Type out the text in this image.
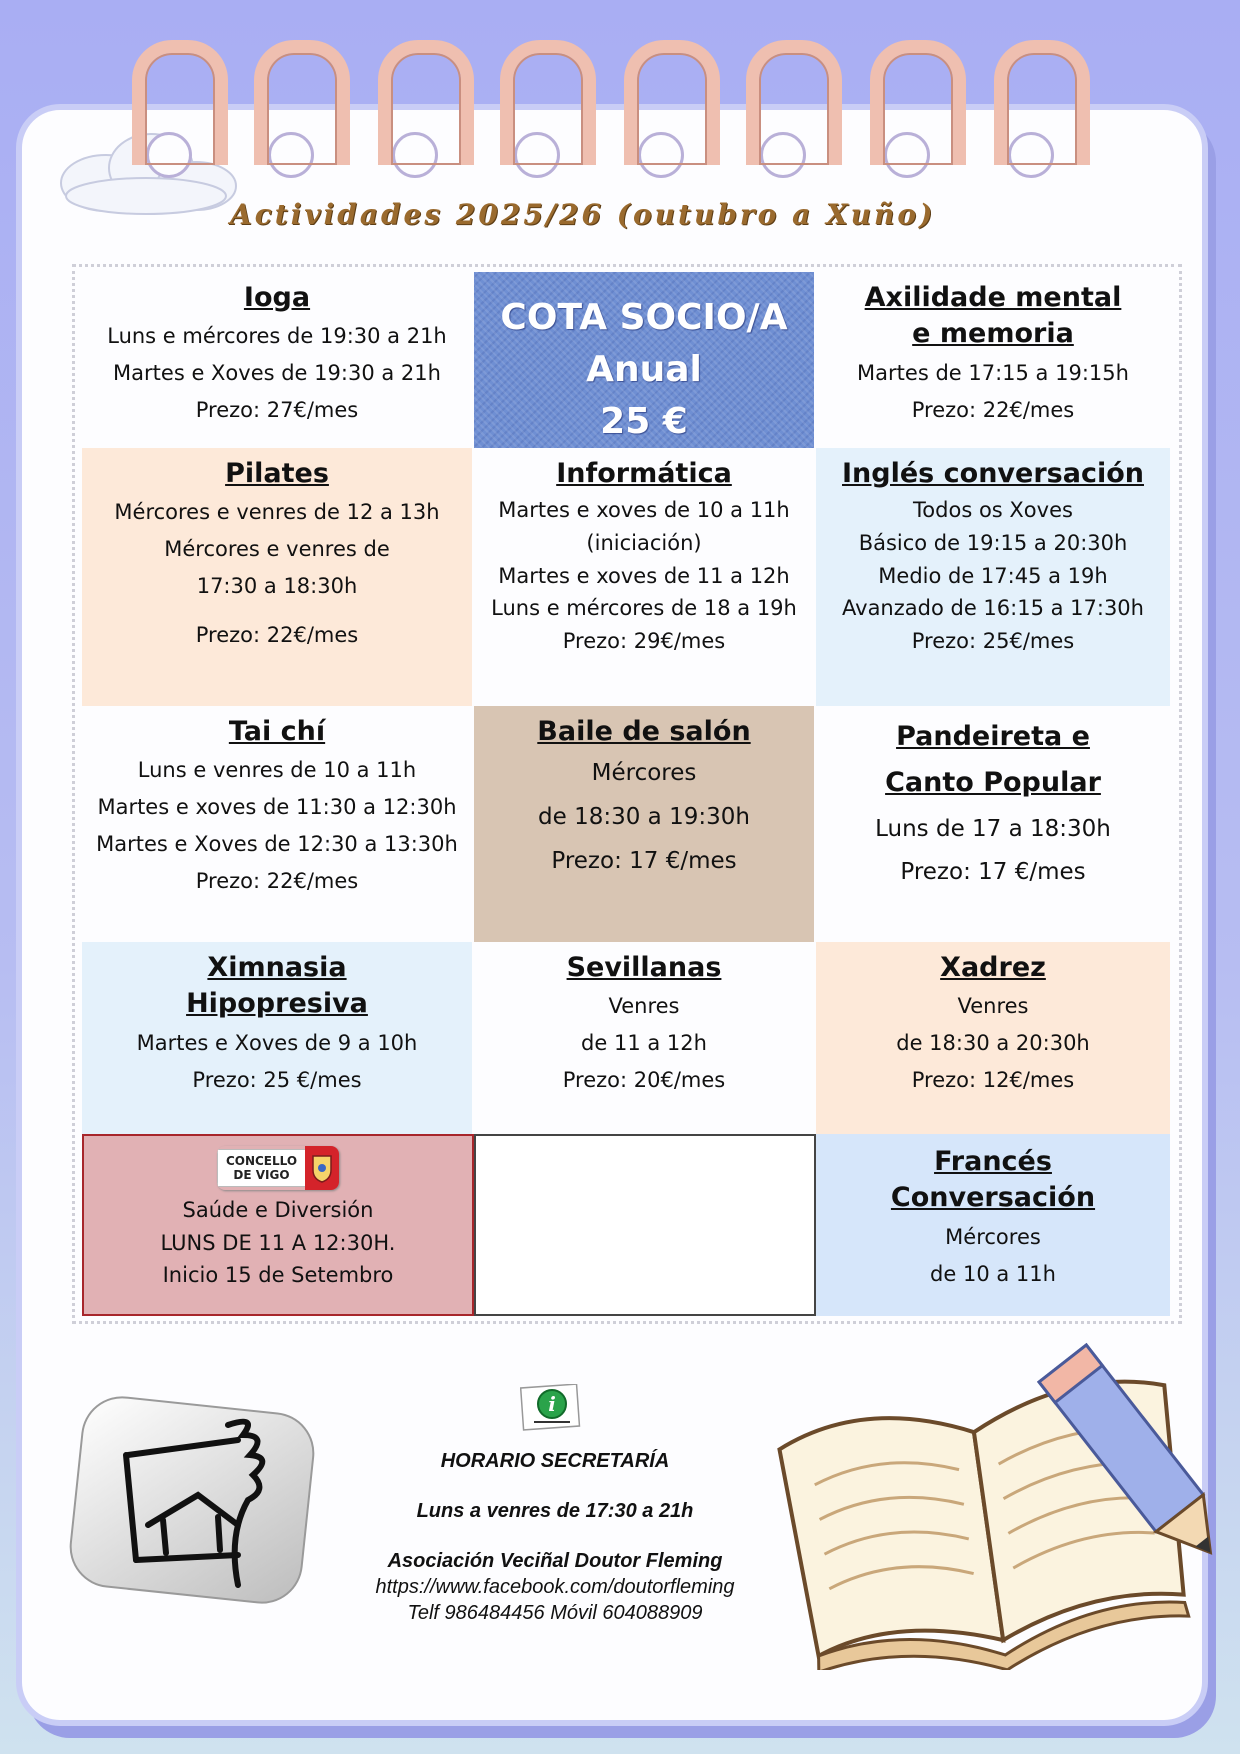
Actividades 2025/26 (outubro a Xuño)
Ioga

Luns e mércores de 19:30 a 21h

Martes e Xoves de 19:30 a 21h

Prezo: 27€/mes

COTA SOCIO/A
Anual
25 €
Axilidade mental
e memoria

Martes de 17:15 a 19:15h

Prezo: 22€/mes

Pilates

Mércores e venres de 12 a 13h

Mércores e venres de

17:30 a 18:30h

Prezo: 22€/mes

Informática

Martes e xoves de 10 a 11h

(iniciación)

Martes e xoves de 11 a 12h

Luns e mércores de 18 a 19h

Prezo: 29€/mes

Inglés conversación

Todos os Xoves

Básico de 19:15 a 20:30h

Medio de 17:45 a 19h

Avanzado de 16:15 a 17:30h

Prezo: 25€/mes

Tai chí

Luns e venres de 10 a 11h

Martes e xoves de 11:30 a 12:30h

Martes e Xoves de 12:30 a 13:30h

Prezo: 22€/mes

Baile de salón

Mércores

de 18:30 a 19:30h

Prezo: 17 €/mes

Pandeireta e
Canto Popular

Luns de 17 a 18:30h

Prezo: 17 €/mes

Ximnasia
Hipopresiva

Martes e Xoves de 9 a 10h

Prezo: 25 €/mes

Sevillanas

Venres

de 11 a 12h

Prezo: 20€/mes

Xadrez

Venres

de 18:30 a 20:30h

Prezo: 12€/mes

CONCELLO
DE VIGO

Saúde e Diversión

LUNS DE 11 A 12:30H.

Inicio 15 de Setembro

Francés
Conversación

Mércores

de 10 a 11h

i
HORARIO SECRETARÍA
Luns a venres de 17:30 a 21h
Asociación Veciñal Doutor Fleming
https://www.facebook.com/doutorfleming
Telf 986484456 Móvil 604088909
